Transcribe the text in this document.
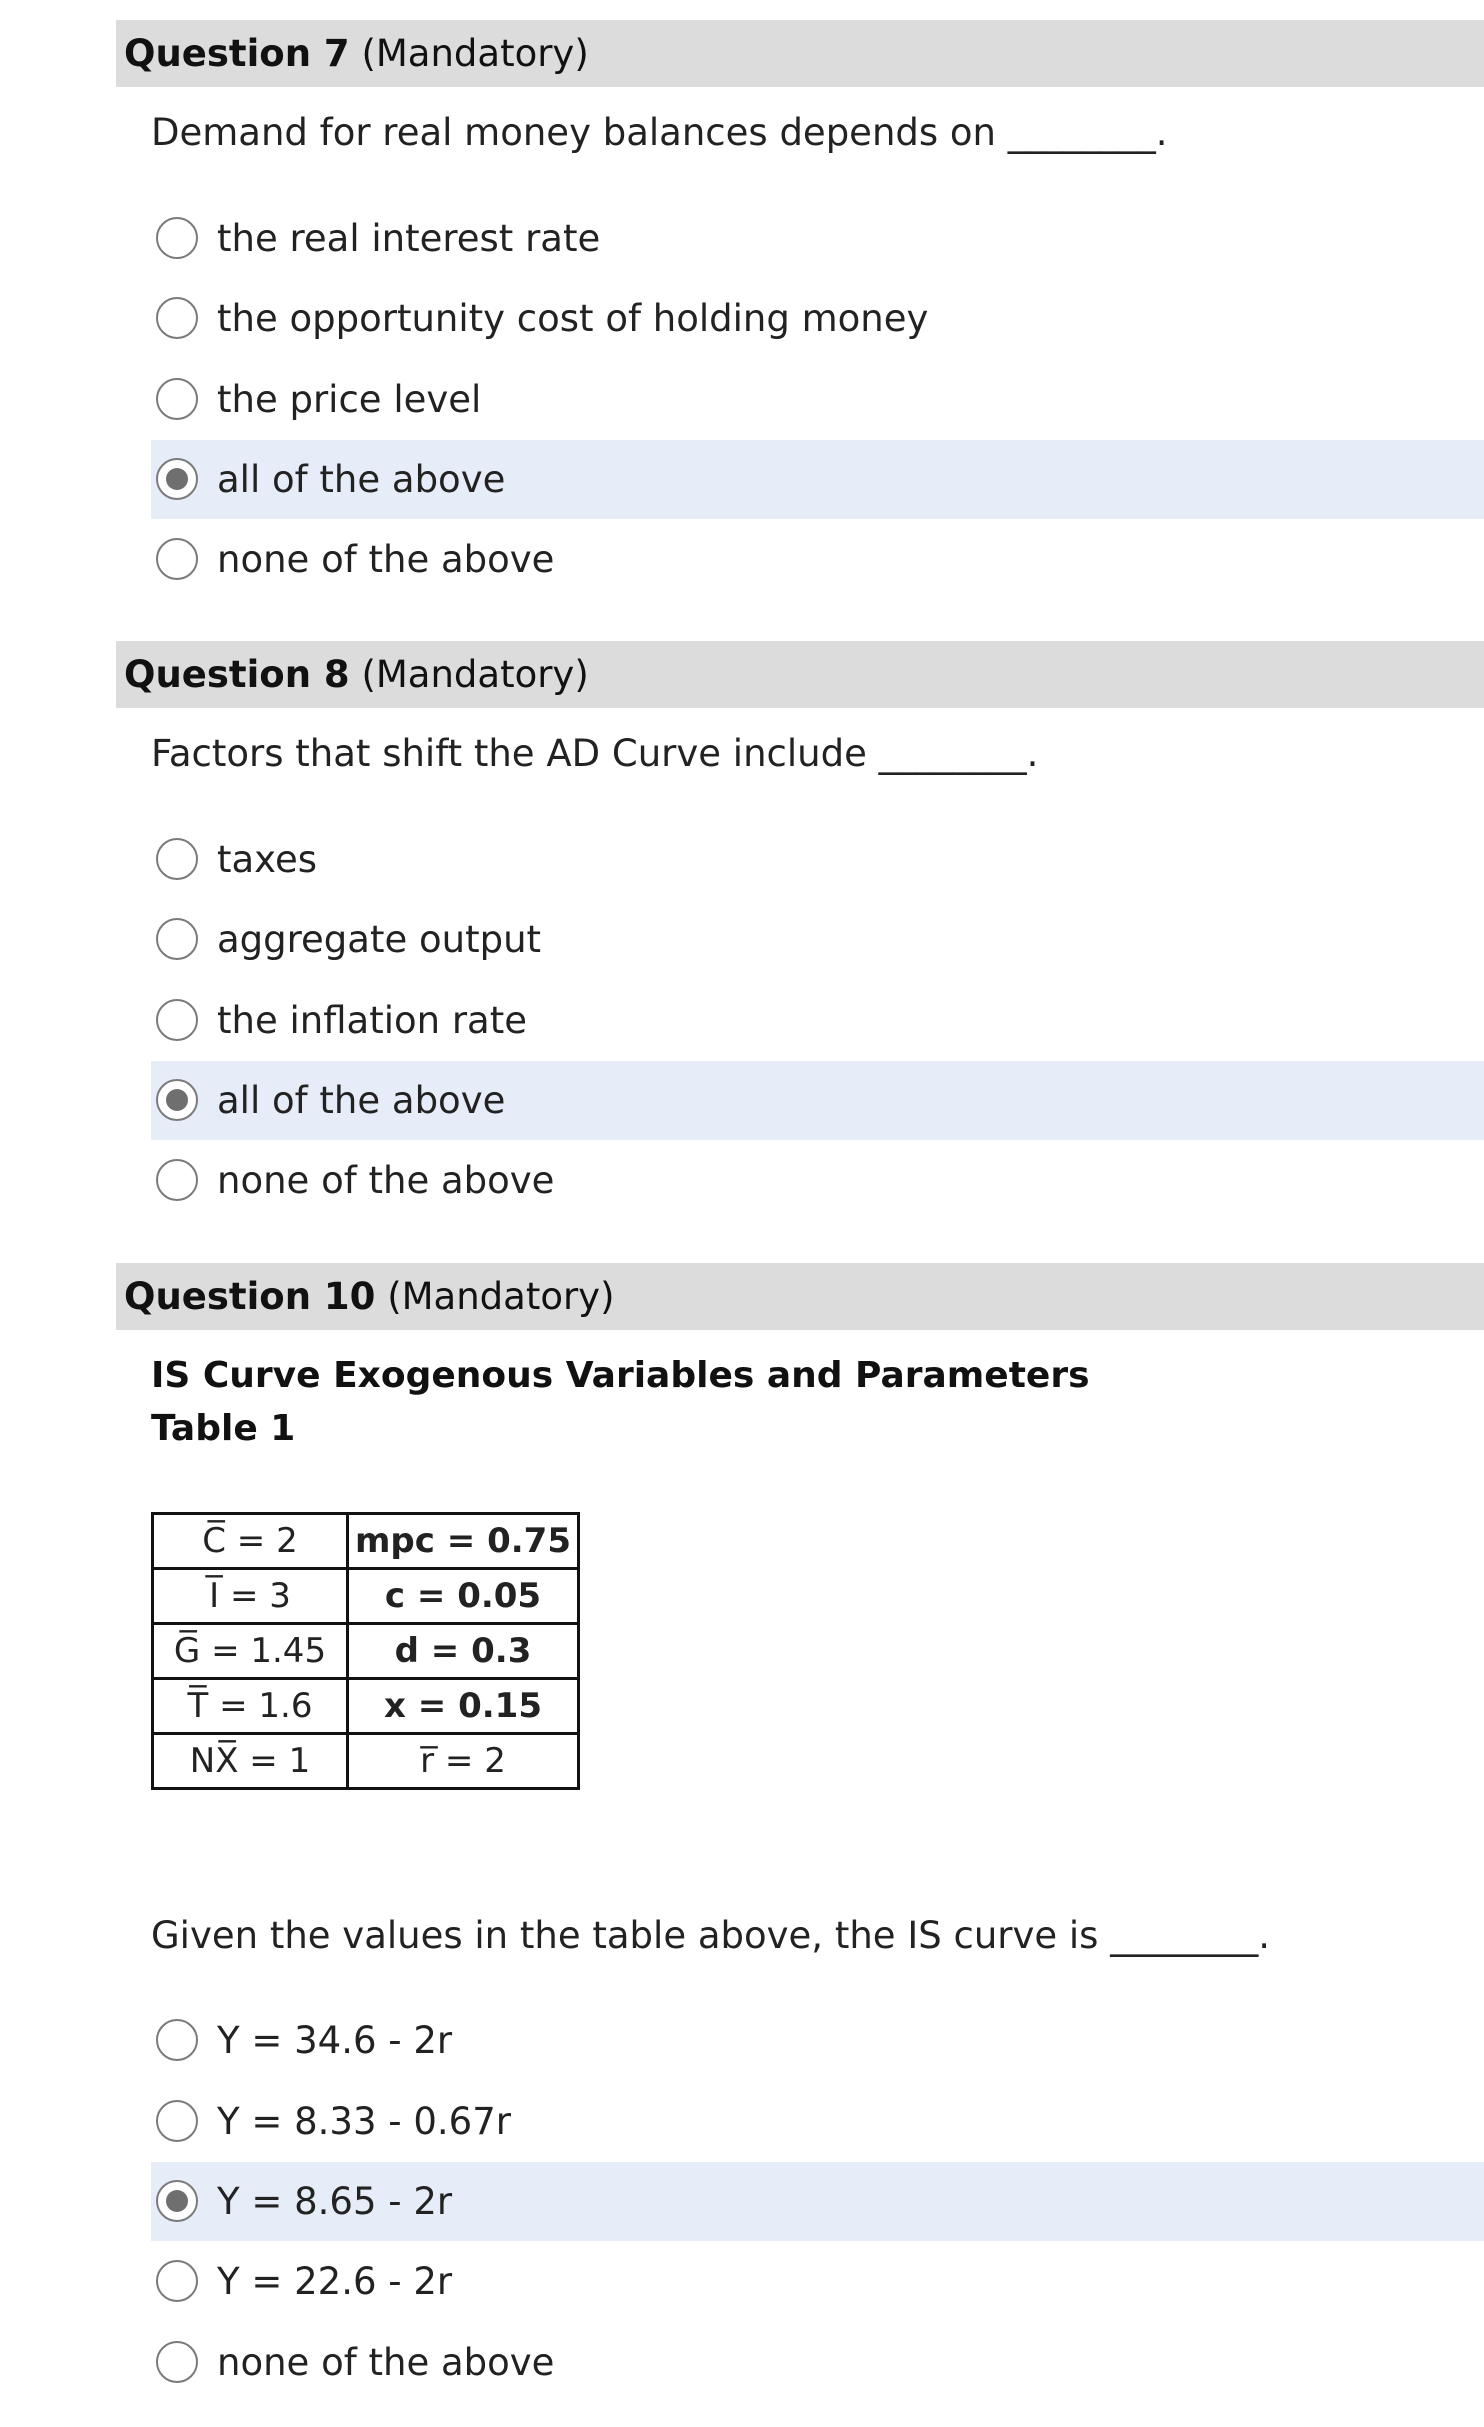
Question 7 (Mandatory)
Demand for real money balances depends on ________.
the real interest rate
the opportunity cost of holding money
the price level
all of the above
none of the above
Question 8 (Mandatory)
Factors that shift the AD Curve include ________.
taxes
aggregate output
the inflation rate
all of the above
none of the above
Question 10 (Mandatory)
IS Curve Exogenous Variables and Parameters
Table 1
C̅ = 2	mpc = 0.75
I̅ = 3	c = 0.05
G̅ = 1.45	d = 0.3
T̅ = 1.6	x = 0.15
NX̅ = 1	r̅ = 2
Given the values in the table above, the IS curve is ________.
Y = 34.6 - 2r
Y = 8.33 - 0.67r
Y = 8.65 - 2r
Y = 22.6 - 2r
none of the above
